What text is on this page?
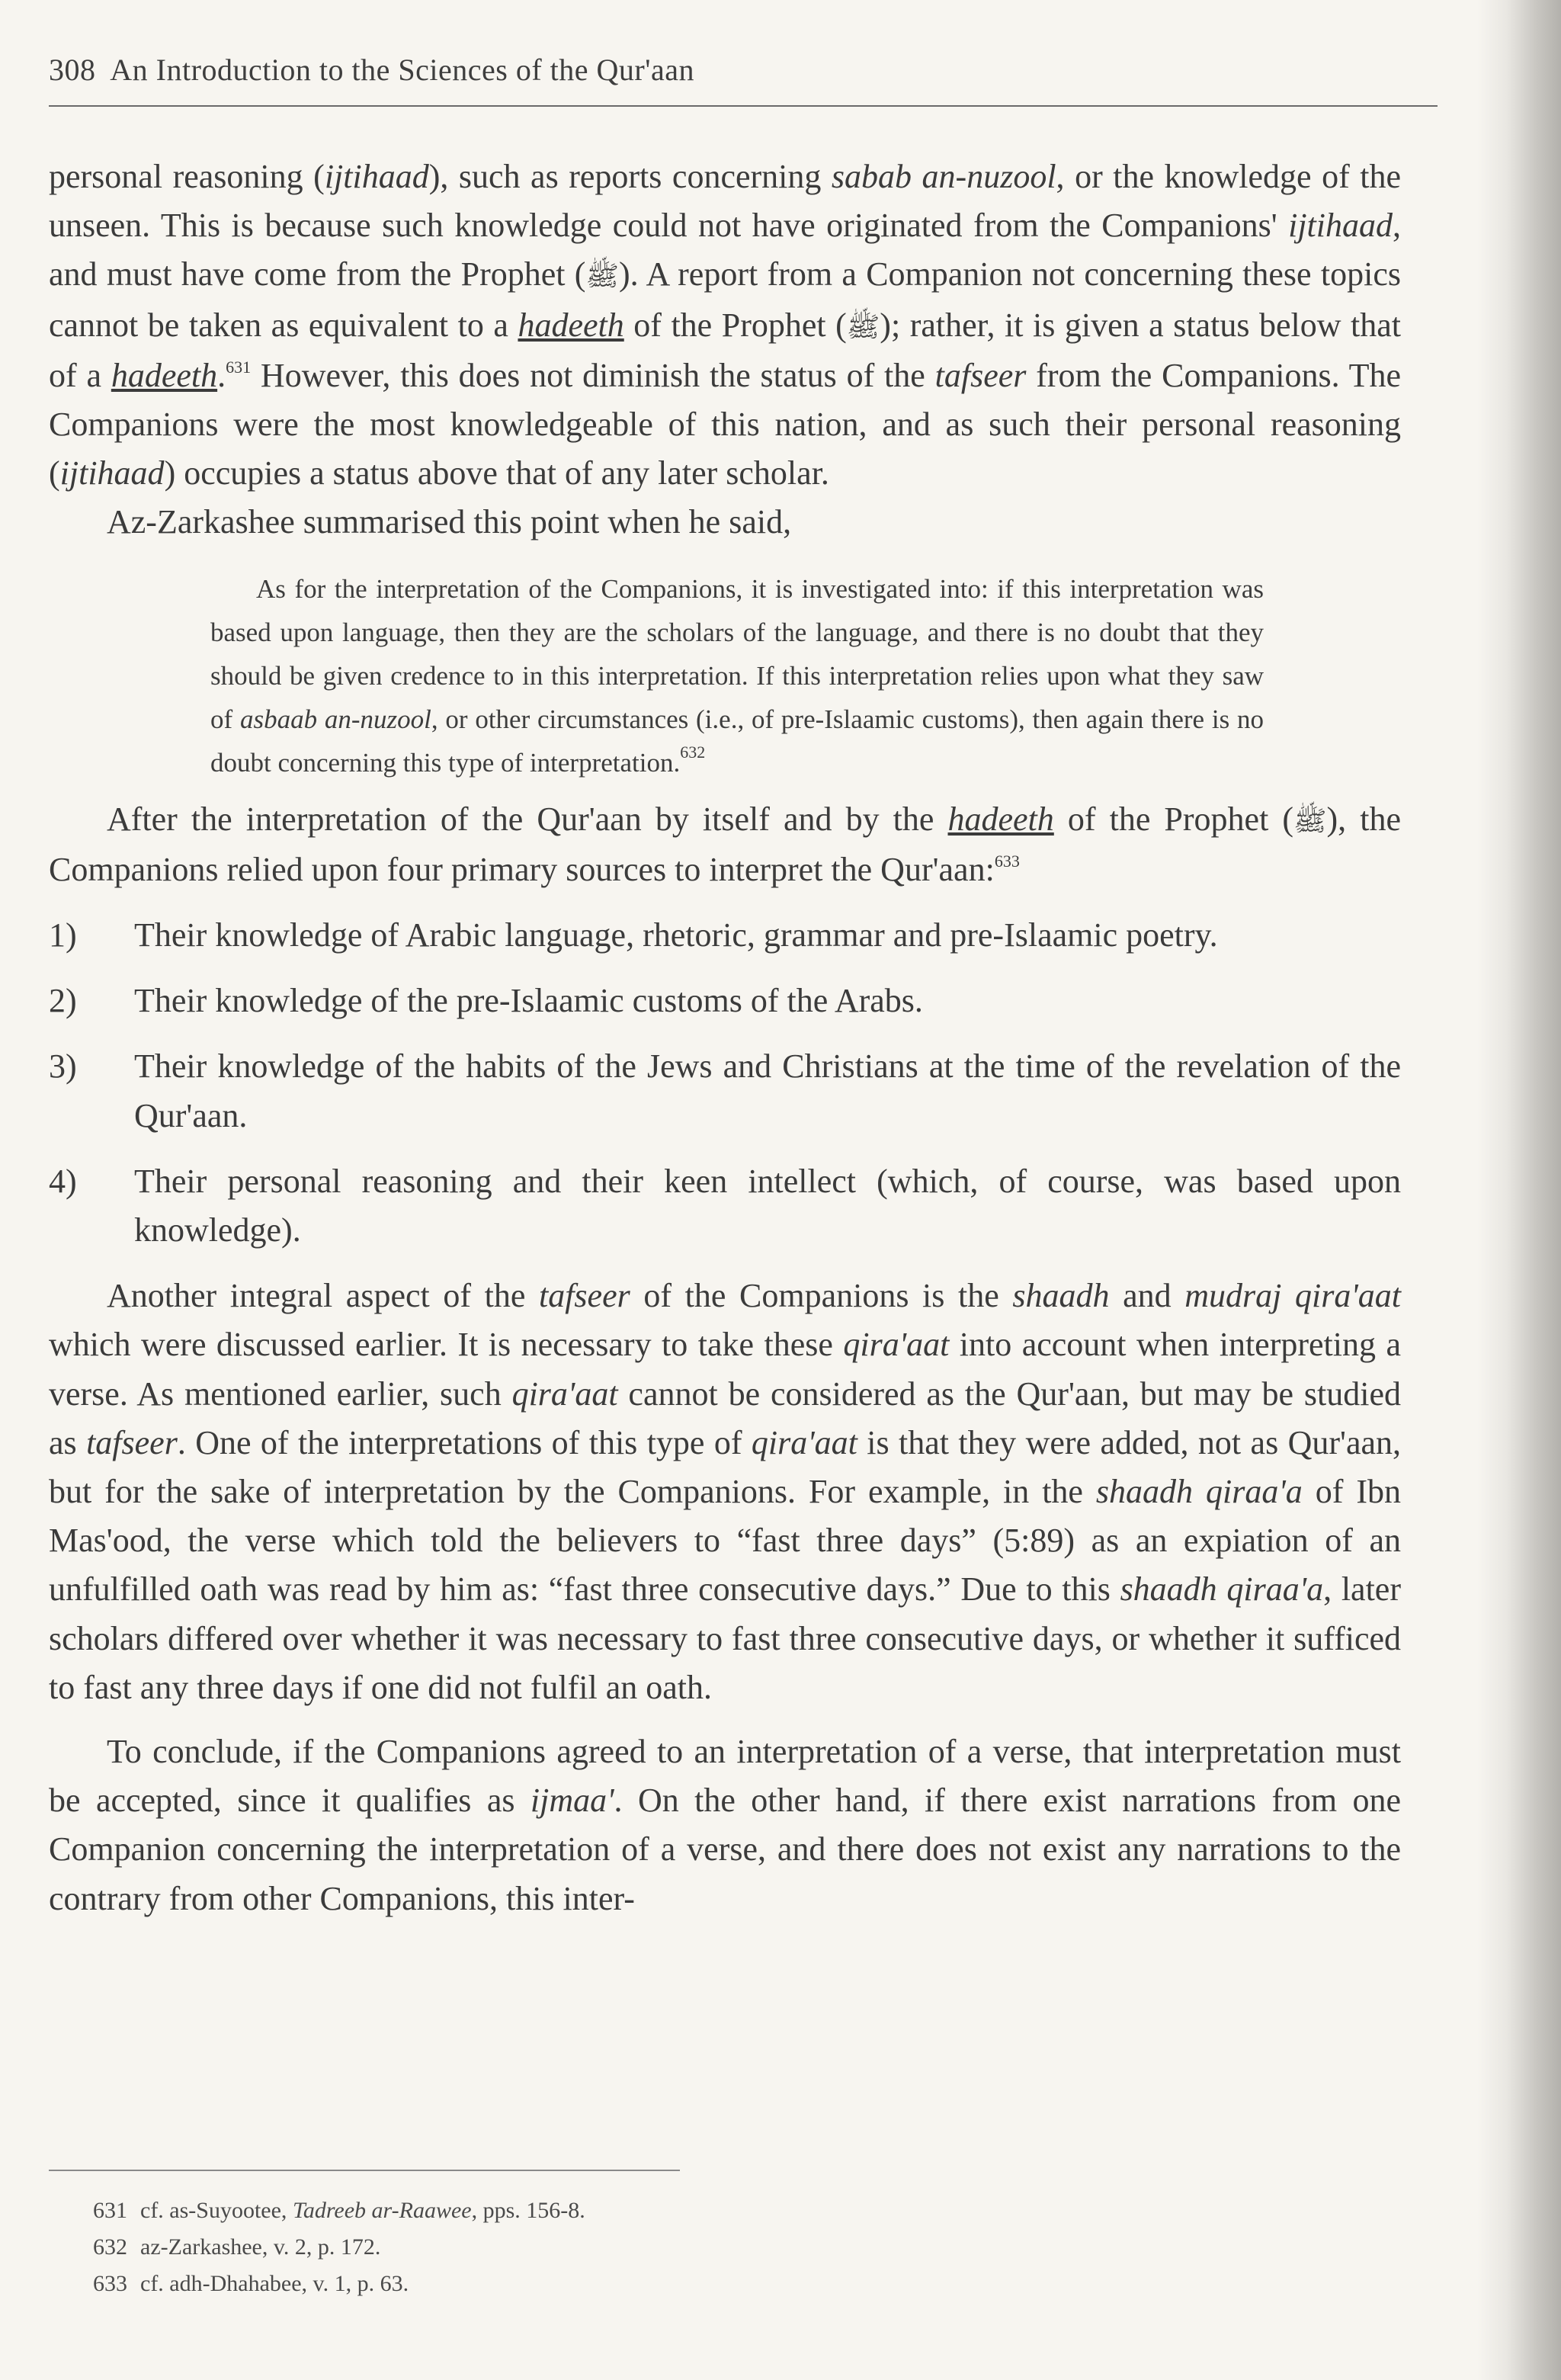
308 An Introduction to the Sciences of the Qur'aan

personal reasoning (ijtihaad), such as reports concerning sabab an-nuzool, or the knowledge of the unseen. This is because such knowledge could not have originated from the Companions' ijtihaad, and must have come from the Prophet (ﷺ). A report from a Companion not concerning these topics cannot be taken as equivalent to a hadeeth of the Prophet (ﷺ); rather, it is given a status below that of a hadeeth.$^{631}$ However, this does not diminish the status of the tafseer from the Companions. The Companions were the most knowledgeable of this nation, and as such their personal reasoning (ijtihaad) occupies a status above that of any later scholar.

Az-Zarkashee summarised this point when he said,

As for the interpretation of the Companions, it is investigated into: if this interpretation was based upon language, then they are the scholars of the language, and there is no doubt that they should be given credence to in this interpretation. If this interpretation relies upon what they saw of asbaab an-nuzool, or other circumstances (i.e., of pre-Islaamic customs), then again there is no doubt concerning this type of interpretation.$^{632}$

After the interpretation of the Qur'aan by itself and by the hadeeth of the Prophet (ﷺ), the Companions relied upon four primary sources to interpret the Qur'aan:$^{633}$

1)	Their knowledge of Arabic language, rhetoric, grammar and pre-Islaamic poetry.
2)	Their knowledge of the pre-Islaamic customs of the Arabs.
3)	Their knowledge of the habits of the Jews and Christians at the time of the revelation of the Qur'aan.
4)	Their personal reasoning and their keen intellect (which, of course, was based upon knowledge).

Another integral aspect of the tafseer of the Companions is the shaadh and mudraj qira'aat which were discussed earlier. It is necessary to take these qira'aat into account when interpreting a verse. As mentioned earlier, such qira'aat cannot be considered as the Qur'aan, but may be studied as tafseer. One of the interpretations of this type of qira'aat is that they were added, not as Qur'aan, but for the sake of interpretation by the Companions. For example, in the shaadh qiraa'a of Ibn Mas'ood, the verse which told the believers to “fast three days” (5:89) as an expiation of an unfulfilled oath was read by him as: “fast three consecutive days.” Due to this shaadh qiraa'a, later scholars differed over whether it was necessary to fast three consecutive days, or whether it sufficed to fast any three days if one did not fulfil an oath.

To conclude, if the Companions agreed to an interpretation of a verse, that interpretation must be accepted, since it qualifies as ijmaa'. On the other hand, if there exist narrations from one Companion concerning the interpretation of a verse, and there does not exist any narrations to the contrary from other Companions, this inter-

631 cf. as-Suyootee, Tadreeb ar-Raawee, pps. 156-8.
632 az-Zarkashee, v. 2, p. 172.
633 cf. adh-Dhahabee, v. 1, p. 63.
